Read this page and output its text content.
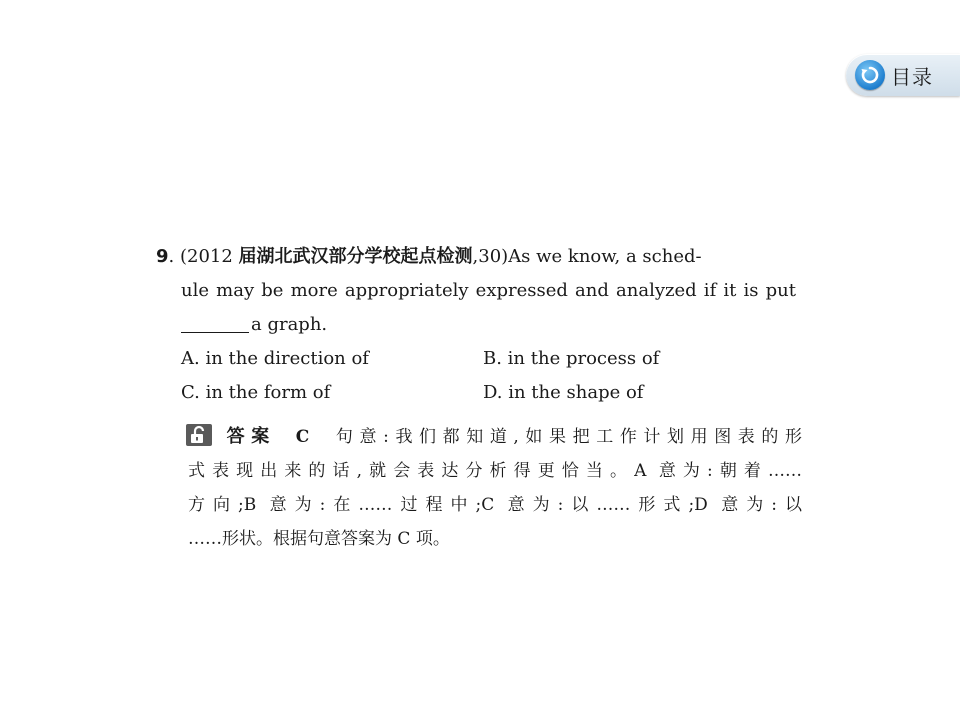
目录
9. (2012 届湖北武汉部分学校起点检测,30)As we know, a sched-
ule may be more appropriately expressed and analyzed if it is put
a graph.
A. in the direction of	B. in the process of
C. in the form of	D. in the shape of
答案 C 句意:我们都知道,如果把工作计划用图表的形
式表现出来的话,就会表达分析得更恰当。A 意为:朝着……
方向;B 意为:在……过程中;C 意为:以……形式;D 意为:以
……形状。根据句意答案为 C 项。
